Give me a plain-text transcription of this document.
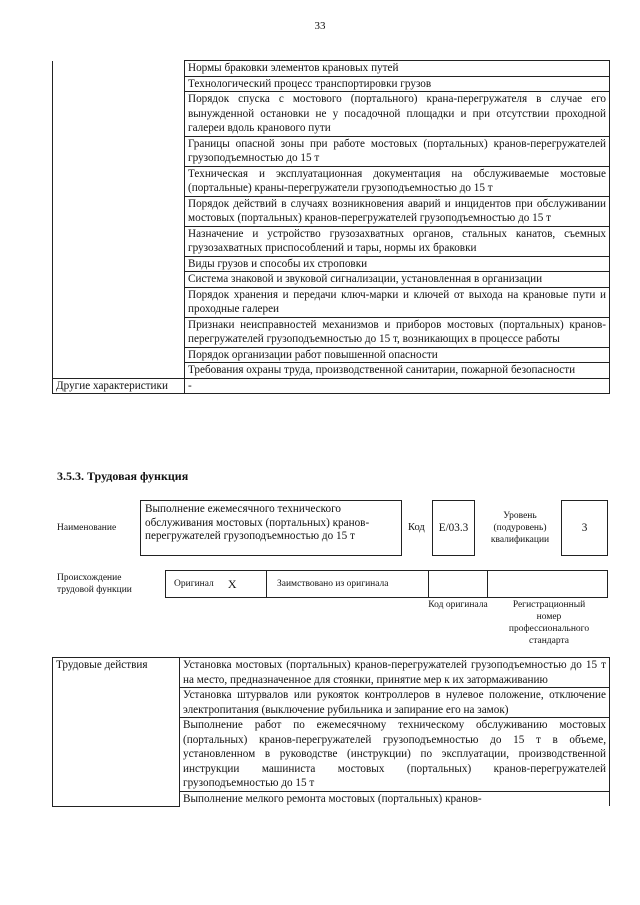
33
	Нормы браковки элементов крановых путей
	Технологический процесс транспортировки грузов
	Порядок спуска с мостового (портального) крана-перегружателя в случае его вынужденной остановки не у посадочной площадки и при отсутствии проходной галереи вдоль кранового пути
	Границы опасной зоны при работе мостовых (портальных) кранов-перегружателей грузоподъемностью до 15 т
	Техническая и эксплуатационная документация на обслуживаемые мостовые (портальные) краны-перегружатели грузоподъемностью до 15 т
	Порядок действий в случаях возникновения аварий и инцидентов при обслуживании мостовых (портальных) кранов-перегружателей грузоподъемностью до 15 т
	Назначение и устройство грузозахватных органов, стальных канатов, съемных грузозахватных приспособлений и тары, нормы их браковки
	Виды грузов и способы их строповки
	Система знаковой и звуковой сигнализации, установленная в организации
	Порядок хранения и передачи ключ-марки и ключей от выхода на крановые пути и проходные галереи
	Признаки неисправностей механизмов и приборов мостовых (портальных) кранов-перегружателей грузоподъемностью до 15 т, возникающих в процессе работы
	Порядок организации работ повышенной опасности
	Требования охраны труда, производственной санитарии, пожарной безопасности
Другие характеристики	-
3.5.3. Трудовая функция
Наименование
Выполнение ежемесячного технического обслуживания мостовых (портальных) кранов-перегружателей грузоподъемностью до 15 т
Код	E/03.3
Уровень (подуровень) квалификации
3
Происхождение трудовой функции
Оригинал X	Заимствовано из оригинала
Код оригинала	Регистрационный номер профессионального стандарта
Трудовые действия	Установка мостовых (портальных) кранов-перегружателей грузоподъемностью до 15 т на место, предназначенное для стоянки, принятие мер к их затормаживанию
Установка штурвалов или рукояток контроллеров в нулевое положение, отключение электропитания (выключение рубильника и запирание его на замок)
Выполнение работ по ежемесячному техническому обслуживанию мостовых (портальных) кранов-перегружателей грузоподъемностью до 15 т в объеме, установленном в руководстве (инструкции) по эксплуатации, производственной инструкции машиниста мостовых (портальных) кранов-перегружателей грузоподъемностью до 15 т
Выполнение мелкого ремонта мостовых (портальных) кранов-
